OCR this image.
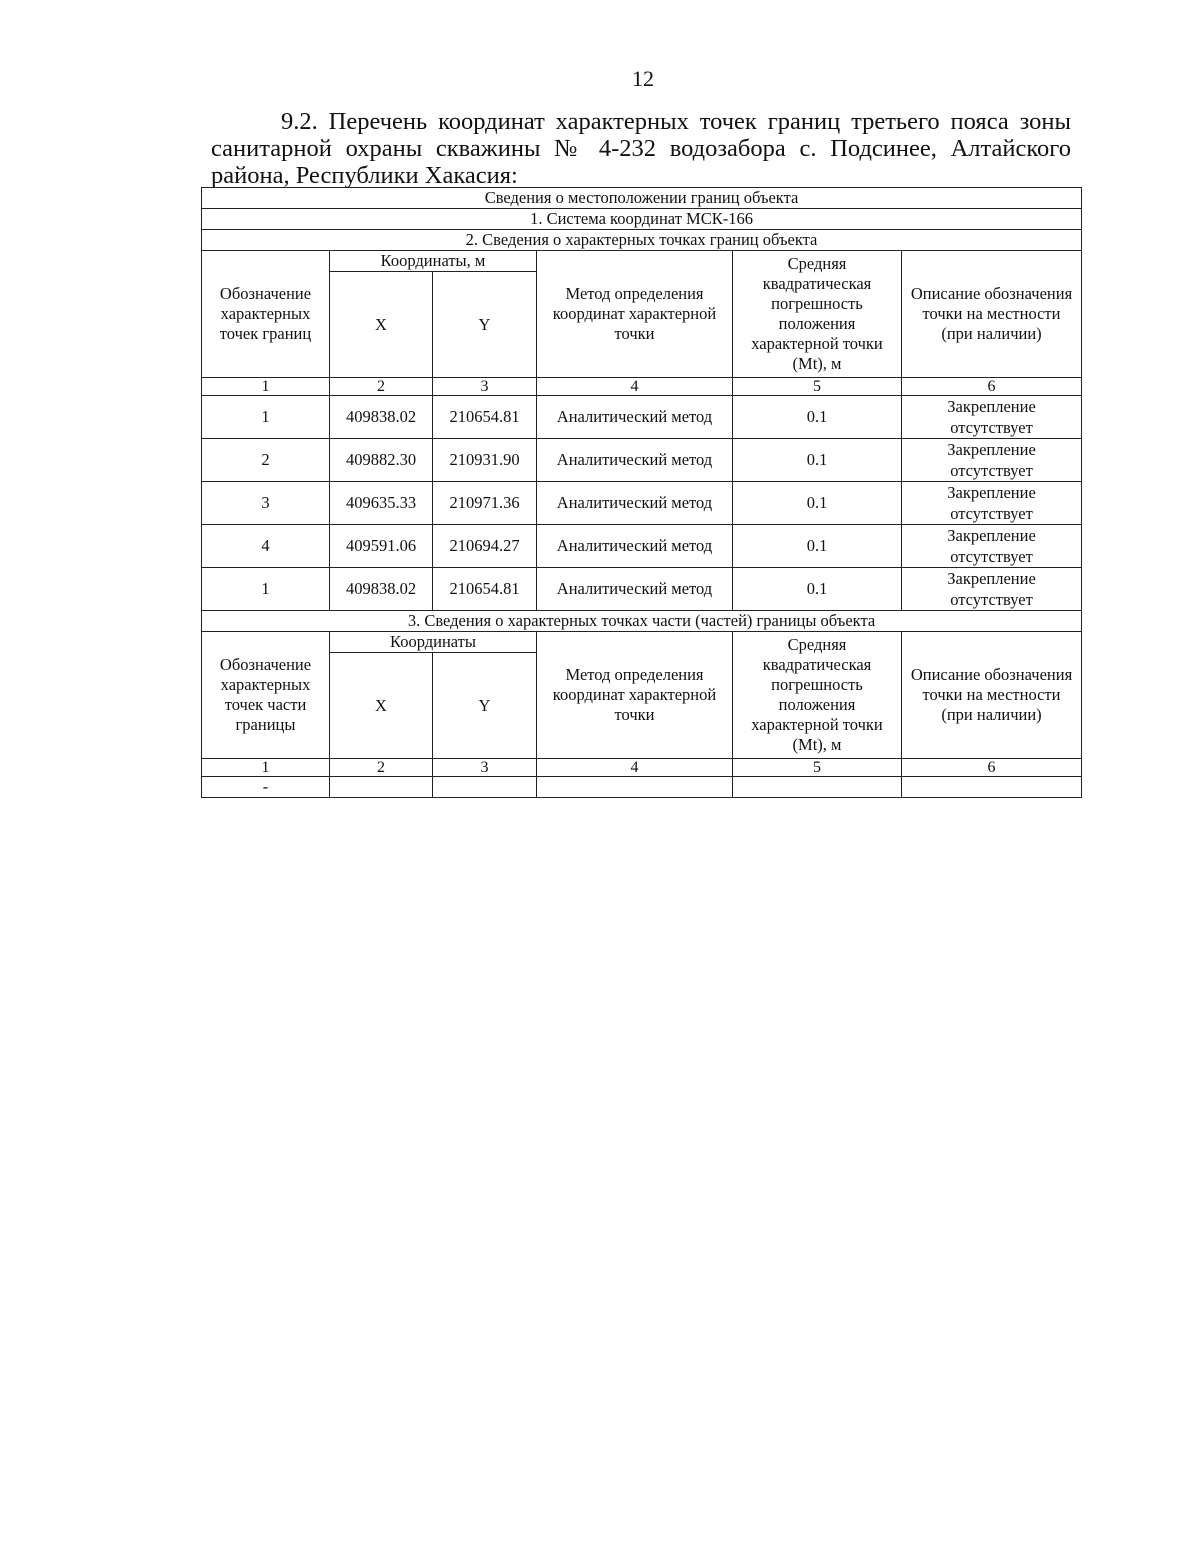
12
9.2. Перечень координат характерных точек границ третьего пояса зоны санитарной охраны скважины № 4-232 водозабора с. Подсинее, Алтайского района, Республики Хакасия:
Сведения о местоположении границ объекта					
1. Система координат МСК-166					
2. Сведения о характерных точках границ объекта					
Обозначение характерных точек границ	Координаты, м		Метод определения координат характерной точки	Средняя квадратическая погрешность положения характерной точки (Mt), м	Описание обозначения точки на местности (при наличии)
	X	Y			
1	2	3	4	5	6
1	409838.02	210654.81	Аналитический метод	0.1	Закрепление отсутствует
2	409882.30	210931.90	Аналитический метод	0.1	Закрепление отсутствует
3	409635.33	210971.36	Аналитический метод	0.1	Закрепление отсутствует
4	409591.06	210694.27	Аналитический метод	0.1	Закрепление отсутствует
1	409838.02	210654.81	Аналитический метод	0.1	Закрепление отсутствует
3. Сведения о характерных точках части (частей) границы объекта					
Обозначение характерных точек части границы	Координаты		Метод определения координат характерной точки	Средняя квадратическая погрешность положения характерной точки (Mt), м	Описание обозначения точки на местности (при наличии)
	X	Y			
1	2	3	4	5	6
-					
